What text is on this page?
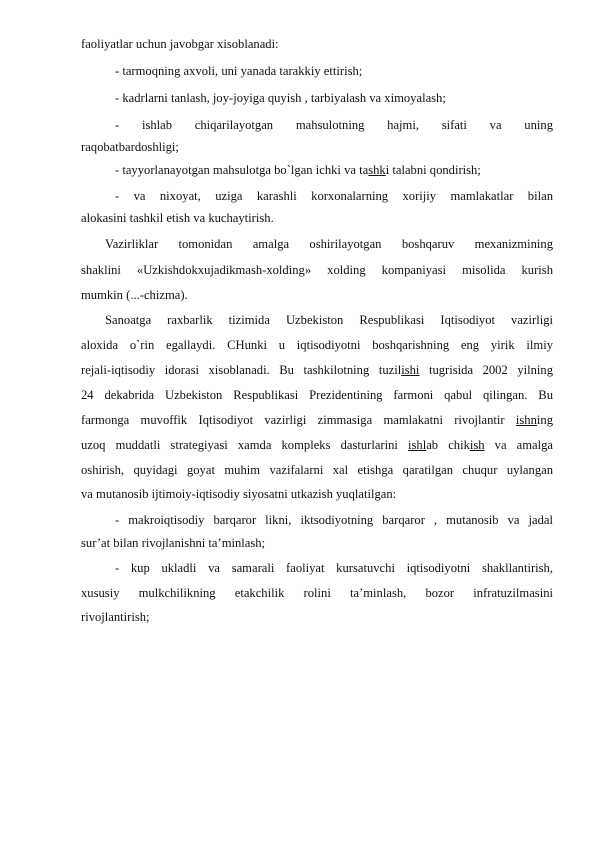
faoliyatlar uchun javobgar xisoblanadi:
- tarmoqning axvoli, uni yanada tarakkiy ettirish;
- kadrlarni tanlash, joy-joyiga quyish , tarbiyalash va ximoyalash;
- ishlab chiqarilayotgan mahsulotning hajmi, sifati va uning
raqobatbardoshligi;
- tayyorlanayotgan mahsulotga bo`lgan ichki va tashki talabni qondirish;
- va nixoyat, uziga karashli korxonalarning xorijiy mamlakatlar bilan
alokasini tashkil etish va kuchaytirish.
Vazirliklar tomonidan amalga oshirilayotgan boshqaruv mexanizmining
shaklini «Uzkishdokxujadikmash-xolding» xolding kompaniyasi misolida kurish
mumkin (...-chizma).
Sanoatga raxbarlik tizimida Uzbekiston Respublikasi Iqtisodiyot vazirligi
aloxida o`rin egallaydi. CHunki u iqtisodiyotni boshqarishning eng yirik ilmiy
rejali-iqtisodiy idorasi xisoblanadi. Bu tashkilotning tuzilishi tugrisida 2002 yilning
24 dekabrida Uzbekiston Respublikasi Prezidentining farmoni qabul qilingan. Bu
farmonga muvoffik Iqtisodiyot vazirligi zimmasiga mamlakatni rivojlantir ishning
uzoq muddatli strategiyasi xamda kompleks dasturlarini ishlab chikish va amalga
oshirish, quyidagi goyat muhim vazifalarni xal etishga qaratilgan chuqur uylangan
va mutanosib ijtimoiy-iqtisodiy siyosatni utkazish yuqlatilgan:
- makroiqtisodiy barqaror likni, iktsodiyotning barqaror , mutanosib va jadal
sur’at bilan rivojlanishni ta’minlash;
- kup ukladli va samarali faoliyat kursatuvchi iqtisodiyotni shakllantirish,
xususiy mulkchilikning etakchilik rolini ta’minlash, bozor infratuzilmasini
rivojlantirish;
